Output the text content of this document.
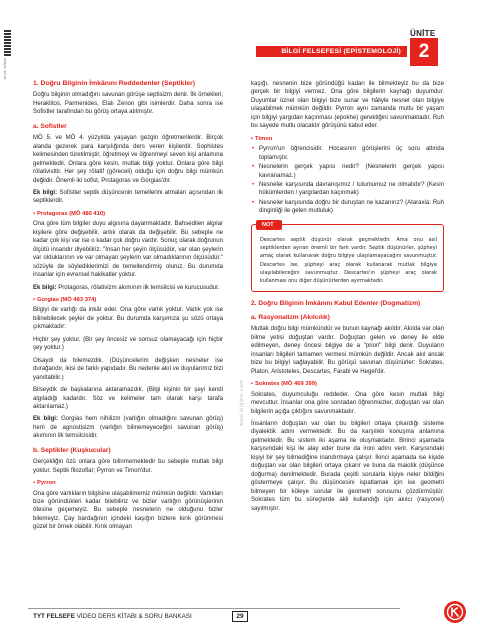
GERÇEK BİLGİ
ÜNİTE
2
BİLGİ FELSEFESİ (EPİSTEMOLOJİ)
1. Doğru Bilginin İmkânını Reddedenler (Septikler)

Doğru bilginin olmadığını savunan görüşe septisizm denir. İlk örnekleri; Heraklitos, Parmenides, Elalı Zenon gibi isimlerdir. Daha sonra ise Sofistler tarafından bu görüş ortaya atılmıştır.

a. Sofistler

MÖ 5. ve MÖ 4. yüzyılda yaşayan gezgin öğretmenlerdir. Birçok alanda gezerek para karşılığında ders veren kişilerdir. Sophistes kelimesinden türetilmiştir, öğretmeyi ve öğrenmeyi seven kişi anlamına gelmektedir. Onlara göre kesin, mutlak bilgi yoktur. Onlara göre bilgi rölativisttir. Her şey rölatif (göreceli) olduğu için doğru bilgi mümkün değildir. Önemli iki sofist, Protagoras ve Gorgias'dır.

Ek bilgi: Sofistler septik düşüncenin temellerini atmaları açısından ilk septiklerdir.

• Protagoras (MÖ 480 410)

Ona göre tüm bilgiler duyu algısına dayanmaktadır. Bahsedilen algılar kişilere göre değişebilir, anlık olarak da değişebilir. Bu sebeple ne kadar çok kişi var ise o kadar çok doğru vardır. Sonuç olarak doğrunun ölçütü insandır diyebiliriz. "İnsan her şeyin ölçüsüdür, var olan şeylerin var olduklarının ve var olmayan şeylerin var olmadıklarının ölçüsüdür." sözüyle de söylediklerimizi de temellendirmiş oluruz. Bu durumda insanlar için evrensel hakikatler yoktur.

Ek bilgi: Protagoras, rölativizm akımının ilk temsilcisi ve kurucusudur.

• Gorgias (MÖ 483 374)

Bilgiyi de varlığı da inkâr eder. Ona göre varlık yoktur. Varlık yok ise bilinebilecek şeyler de yoktur. Bu durumda karşımıza şu sözü ortaya çıkmaktadır:

Hiçbir şey yoktur. (Bir şey öncesiz ve sonsuz olamayacağı için hiçbir şey yoktur.)

Olsaydı da bilemezdik. (Düşüncelerim değişken nesneler ise durağandır, ikisi de farklı yapıdadır. Bu nedenle akıl ve duyularımız bizi yanıltabilir.)

Bilseydik de başkalarına aktaramazdık. (Bilgi kişinin bir şeyi kendi algıladığı kadardır. Söz ve kelimeler tam olarak karşı tarafa aktarılamaz.)

Ek bilgi: Gorgias hem nihilizm (varlığın olmadığını savunan görüş) hem de agnostisizm (varlığın bilinemeyeceğini savunan görüş) akımının ilk temsilcisidir.

b. Septikler (Kuşkucular)

Gerçekliğin özü onlara göre bilinmemektedir bu sebeple mutlak bilgi yoktur. Septik filozoflar; Pyrron ve Timon'dur.

• Pyrron

Ona göre varlıkların bilgisine ulaşabilmemiz mümkün değildir. Varlıkları bize göründükleri kadar bilebiliriz ve bizler varlığın görünüşlerinin ötesine geçemeyiz. Bu sebeple nesnelerin ne olduğunu bizler bilemeyiz. Çay bardağının içindeki kaşığın bizlere kırık görünmesi güzel bir örnek olabilir. Kırık olmayan

www.bilgievi.com

kaşığı, nesnenin bize göründüğü kadarı ile bilmekteyiz bu da bize gerçek bir bilgiyi vermez. Ona göre bilgilerin kaynağı duyumdur. Duyumlar öznel olan bilgiyi bize sunar ve hâliyle nesnel olan bilgiye ulaşabilmek mümkün değildir. Pyrron aynı zamanda mutlu bir yaşam için bilgiyi yargıdan kaçınması (epokhe) gerektiğini savunmaktadır. Ruh bu sayede mutlu olacaktır görüşünü kabul eder.

• Timon
• Pyrron'un öğrencisidir. Hocasının görüşlerini üç soru altında toplamıştır.
• Nesnelerin gerçek yapısı nedir? (Nesnelerin gerçek yapısı kavranamaz.)
• Nesneler karşısında davranışımız / tutumumuz ne olmalıdır? (Kesin hükümlerden / yargılardan kaçınmak)
• Nesneler karşısında doğru bir duruştan ne kazanırız? (Ataraxia: Ruh dinginliği ile gelen mutluluk)
NOT
Descartes septik düşünür olarak geçmektedir. Ama onu asıl septiklerden ayıran önemli bir fark vardır. Septik düşünürler, şüpheyi amaç olarak kullanarak doğru bilgiye ulaşılamayacağını savunmuştur. Descartes ise, şüpheyi araç olarak kullanarak mutlak bilgiye ulaşılabileceğini savunmuştur. Descartes'ın şüpheyi araç olarak kullanması onu diğer düşünürlerden ayırmaktadır.
2. Doğru Bilginin İmkânını Kabul Edenler (Dogmatizm)
a. Rasyonalizm (Akılcılık)

Mutlak doğru bilgi mümkündür ve bunun kaynağı akıldır. Akılda var olan bilme yetisi doğuştan vardır. Doğuştan gelen ve deney ile elde edilmeyen, deney öncesi bilgiye de a "priori" bilgi denir. Duyuların insanları bilgileri tamamen vermesi mümkün değildir. Ancak akıl ancak bize bu bilgiyi sağlayabilir. Bu görüşü savunan düşünürler: Sokrates, Platon, Aristoteles, Descartes, Farabi ve Hegel'dir.

• Sokrates (MÖ 469 399)

Sokrates, duyumculuğu reddeder. Ona göre kesin mutlak bilgi mevcuttur. İnsanlar ona göre sonradan öğrenmezler, doğuştan var olan bilgilerin açığa çıktığını savunmaktadır.

İnsanların doğuştan var olan bu bilgileri ortaya çıkardığı sisteme diyalektik adını vermektedir. Bu da karşılıklı konuşma anlamına gelmektedir. Bu sistem iki aşama ile oluşmaktadır. Birinci aşamada karşısındaki kişi ile alay eder bune da ironi adını verir. Karşısındaki kişiyi bir şey bilmediğine inandırmaya çalışır. İkinci aşamada ise kişide doğuştan var olan bilgileri ortaya çıkarır ve buna da maiotik (düşünce doğurma) denilmektedir. Burada çeşitli sorularla kişiye neler bildiğini göstermeye çalışır. Bu düşüncesini ispatlamak için ise geometri bilmeyen bir köleye sorular ile geometri sorusunu çözdürmüştür. Sokrates tüm bu süreçlerde akli kullandığı için akılcı (rasyonel) sayılmıştır.

TYT FELSEFE VİDEO DERS KİTABI & SORU BANKASI	29
